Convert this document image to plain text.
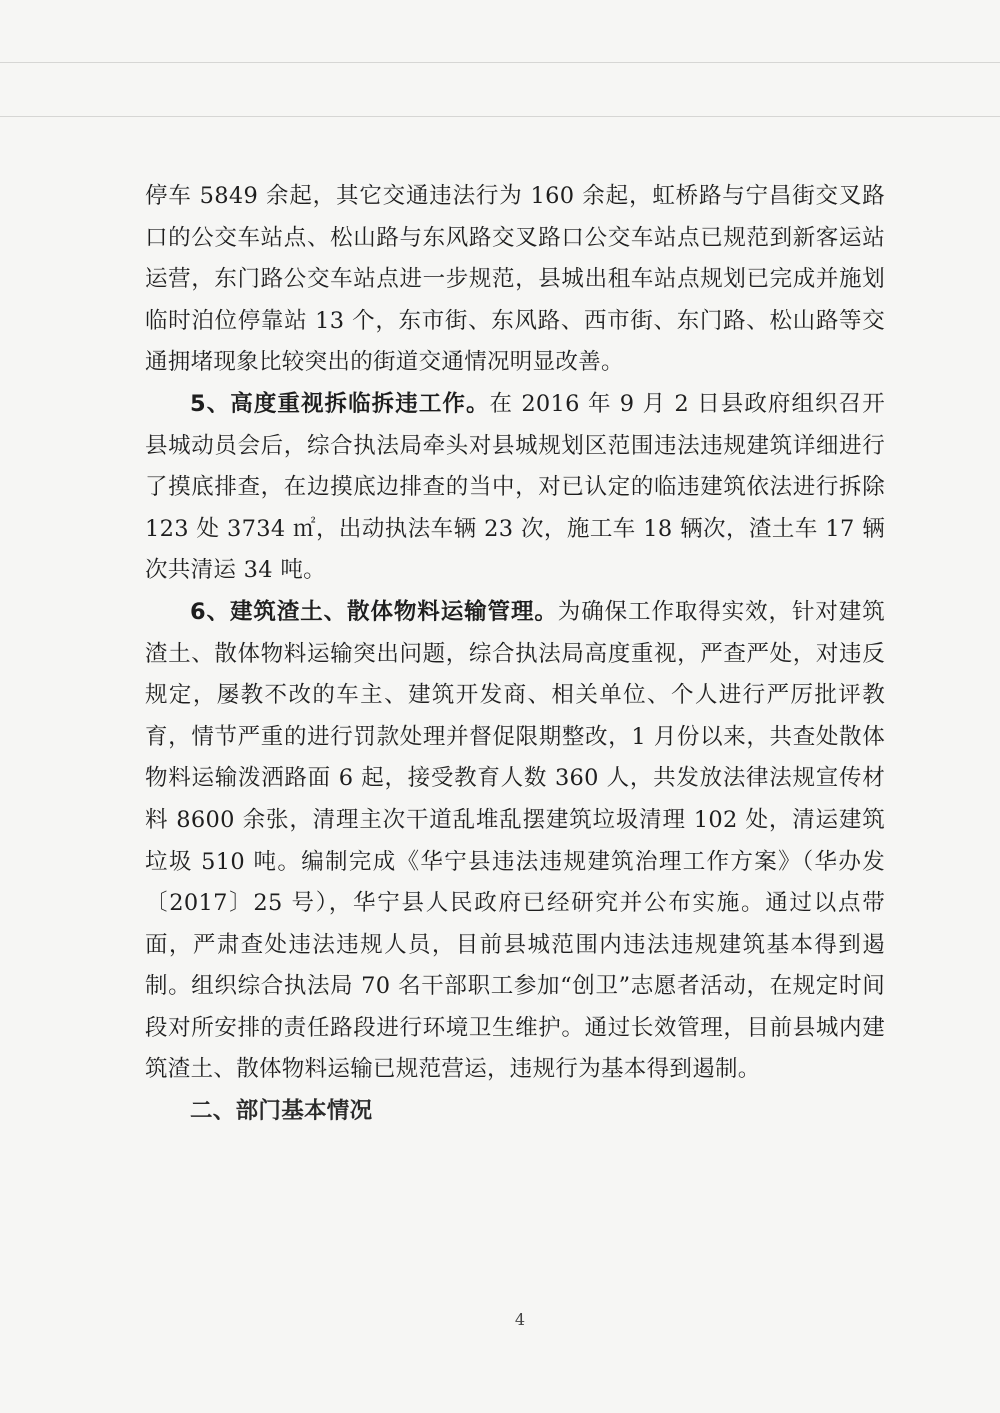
停车 5849 余起，其它交通违法行为 160 余起，虹桥路与宁昌街交叉路口的公交车站点、松山路与东风路交叉路口公交车站点已规范到新客运站运营，东门路公交车站点进一步规范，县城出租车站点规划已完成并施划临时泊位停靠站 13 个，东市街、东风路、西市街、东门路、松山路等交通拥堵现象比较突出的街道交通情况明显改善。

5、高度重视拆临拆违工作。在 2016 年 9 月 2 日县政府组织召开县城动员会后，综合执法局牵头对县城规划区范围违法违规建筑详细进行了摸底排查，在边摸底边排查的当中，对已认定的临违建筑依法进行拆除 123 处 3734 ㎡，出动执法车辆 23 次，施工车 18 辆次，渣土车 17 辆次共清运 34 吨。

6、建筑渣土、散体物料运输管理。为确保工作取得实效，针对建筑渣土、散体物料运输突出问题，综合执法局高度重视，严查严处，对违反规定，屡教不改的车主、建筑开发商、相关单位、个人进行严厉批评教育，情节严重的进行罚款处理并督促限期整改，1 月份以来，共查处散体物料运输泼洒路面 6 起，接受教育人数 360 人，共发放法律法规宣传材料 8600 余张，清理主次干道乱堆乱摆建筑垃圾清理 102 处，清运建筑垃圾 510 吨。编制完成《华宁县违法违规建筑治理工作方案》（华办发〔2017〕25 号），华宁县人民政府已经研究并公布实施。通过以点带面，严肃查处违法违规人员，目前县城范围内违法违规建筑基本得到遏制。组织综合执法局 70 名干部职工参加“创卫”志愿者活动，在规定时间段对所安排的责任路段进行环境卫生维护。通过长效管理，目前县城内建筑渣土、散体物料运输已规范营运，违规行为基本得到遏制。

二、部门基本情况

4
